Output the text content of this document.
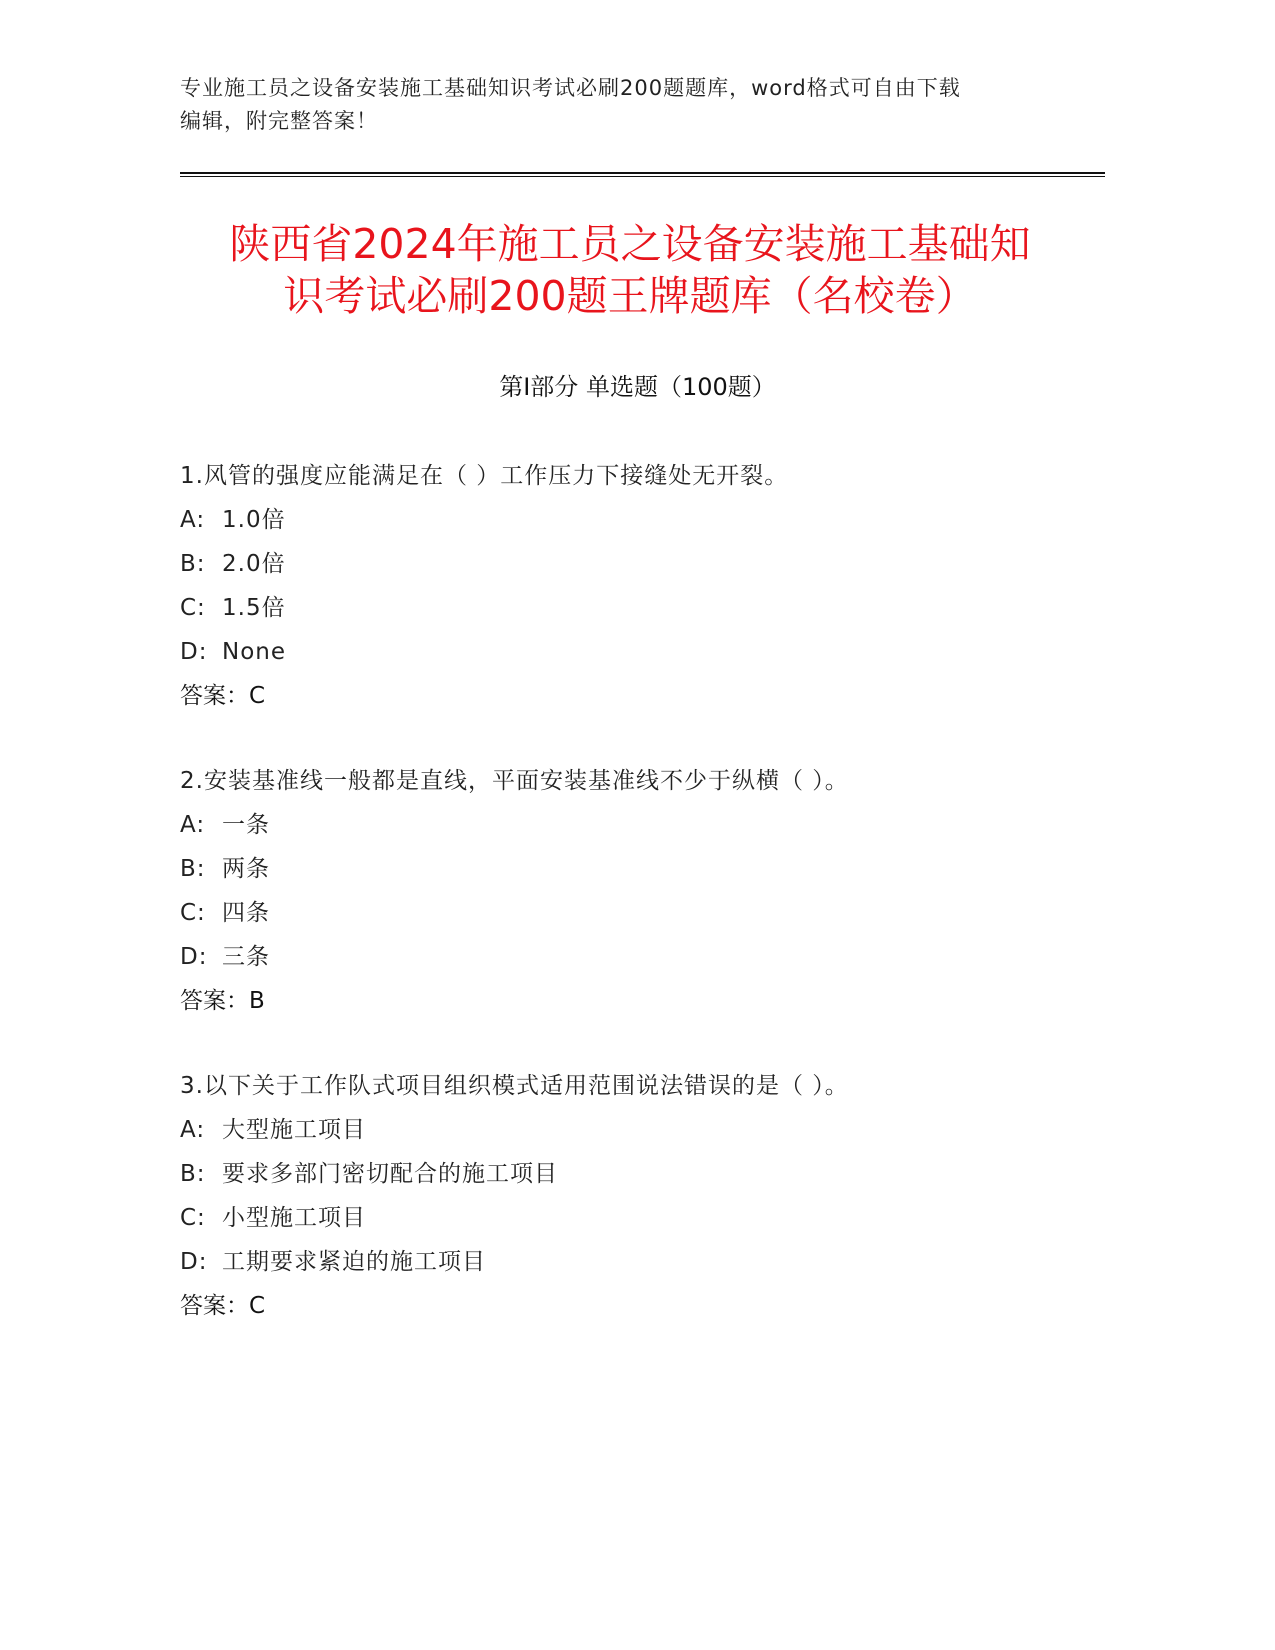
专业施工员之设备安装施工基础知识考试必刷200题题库，word格式可自由下载
编辑，附完整答案！
陕西省2024年施工员之设备安装施工基础知
识考试必刷200题王牌题库（名校卷）
第Ⅰ部分 单选题（100题）
1.风管的强度应能满足在（ ）工作压力下接缝处无开裂。
A: 1.0倍
B: 2.0倍
C: 1.5倍
D: None
答案：C
2.安装基准线一般都是直线，平面安装基准线不少于纵横（ ）。
A: 一条
B: 两条
C: 四条
D: 三条
答案：B
3.以下关于工作队式项目组织模式适用范围说法错误的是（ ）。
A: 大型施工项目
B: 要求多部门密切配合的施工项目
C: 小型施工项目
D: 工期要求紧迫的施工项目
答案：C
